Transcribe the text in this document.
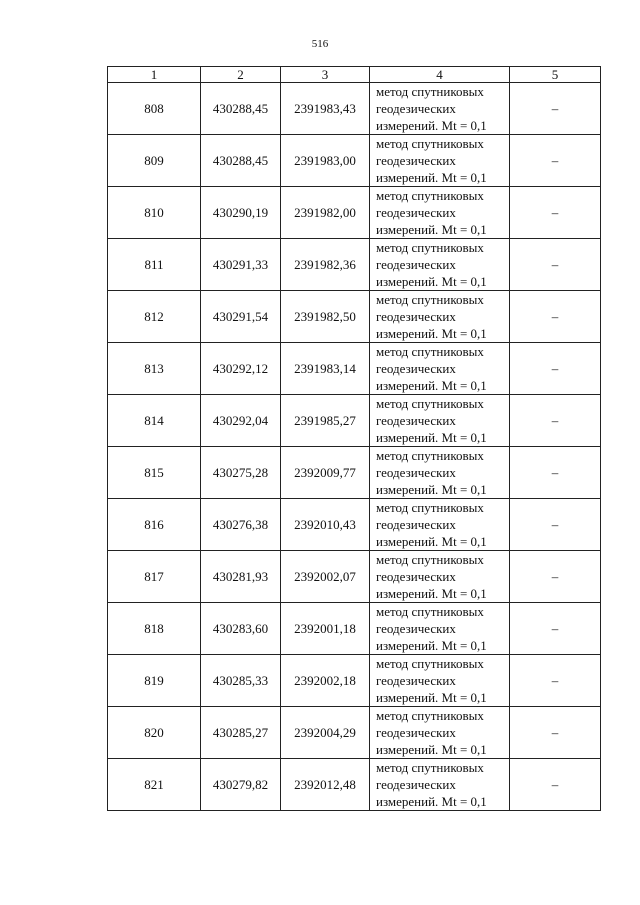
516
1	2	3	4	5
808	430288,45	2391983,43	метод спутниковых
геодезических
измерений. Mt = 0,1	–
809	430288,45	2391983,00	метод спутниковых
геодезических
измерений. Mt = 0,1	–
810	430290,19	2391982,00	метод спутниковых
геодезических
измерений. Mt = 0,1	–
811	430291,33	2391982,36	метод спутниковых
геодезических
измерений. Mt = 0,1	–
812	430291,54	2391982,50	метод спутниковых
геодезических
измерений. Mt = 0,1	–
813	430292,12	2391983,14	метод спутниковых
геодезических
измерений. Mt = 0,1	–
814	430292,04	2391985,27	метод спутниковых
геодезических
измерений. Mt = 0,1	–
815	430275,28	2392009,77	метод спутниковых
геодезических
измерений. Mt = 0,1	–
816	430276,38	2392010,43	метод спутниковых
геодезических
измерений. Mt = 0,1	–
817	430281,93	2392002,07	метод спутниковых
геодезических
измерений. Mt = 0,1	–
818	430283,60	2392001,18	метод спутниковых
геодезических
измерений. Mt = 0,1	–
819	430285,33	2392002,18	метод спутниковых
геодезических
измерений. Mt = 0,1	–
820	430285,27	2392004,29	метод спутниковых
геодезических
измерений. Mt = 0,1	–
821	430279,82	2392012,48	метод спутниковых
геодезических
измерений. Mt = 0,1	–
